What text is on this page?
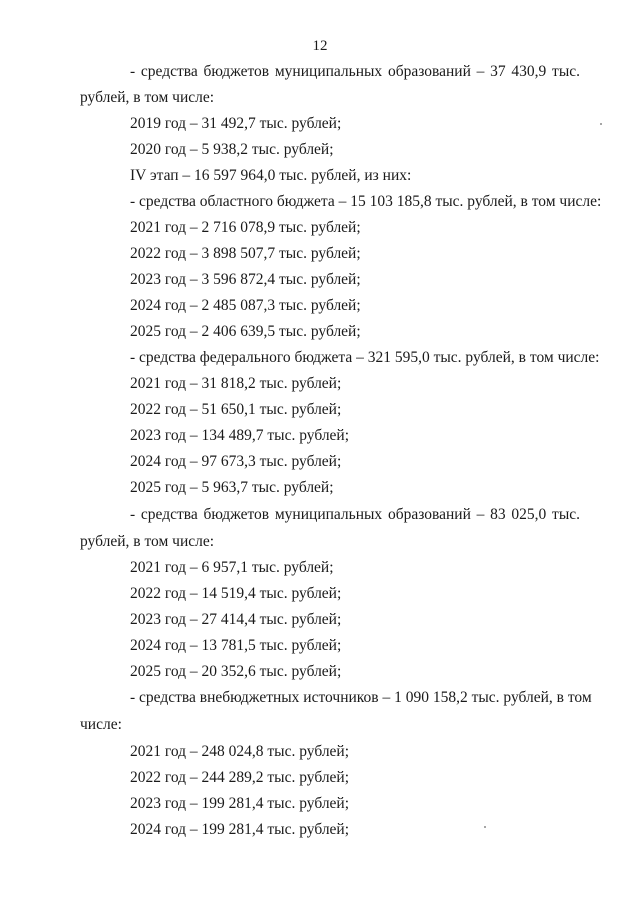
12
- средства бюджетов муниципальных образований – 37 430,9 тыс.
рублей, в том числе:
2019 год – 31 492,7 тыс. рублей;
2020 год – 5 938,2 тыс. рублей;
IV этап – 16 597 964,0 тыс. рублей, из них:
- средства областного бюджета – 15 103 185,8 тыс. рублей, в том числе:
2021 год – 2 716 078,9 тыс. рублей;
2022 год – 3 898 507,7 тыс. рублей;
2023 год – 3 596 872,4 тыс. рублей;
2024 год – 2 485 087,3 тыс. рублей;
2025 год – 2 406 639,5 тыс. рублей;
- средства федерального бюджета – 321 595,0 тыс. рублей, в том числе:
2021 год – 31 818,2 тыс. рублей;
2022 год – 51 650,1 тыс. рублей;
2023 год – 134 489,7 тыс. рублей;
2024 год – 97 673,3 тыс. рублей;
2025 год – 5 963,7 тыс. рублей;
- средства бюджетов муниципальных образований – 83 025,0 тыс.
рублей, в том числе:
2021 год – 6 957,1 тыс. рублей;
2022 год – 14 519,4 тыс. рублей;
2023 год – 27 414,4 тыс. рублей;
2024 год – 13 781,5 тыс. рублей;
2025 год – 20 352,6 тыс. рублей;
- средства внебюджетных источников – 1 090 158,2 тыс. рублей, в том
числе:
2021 год – 248 024,8 тыс. рублей;
2022 год – 244 289,2 тыс. рублей;
2023 год – 199 281,4 тыс. рублей;
2024 год – 199 281,4 тыс. рублей;
